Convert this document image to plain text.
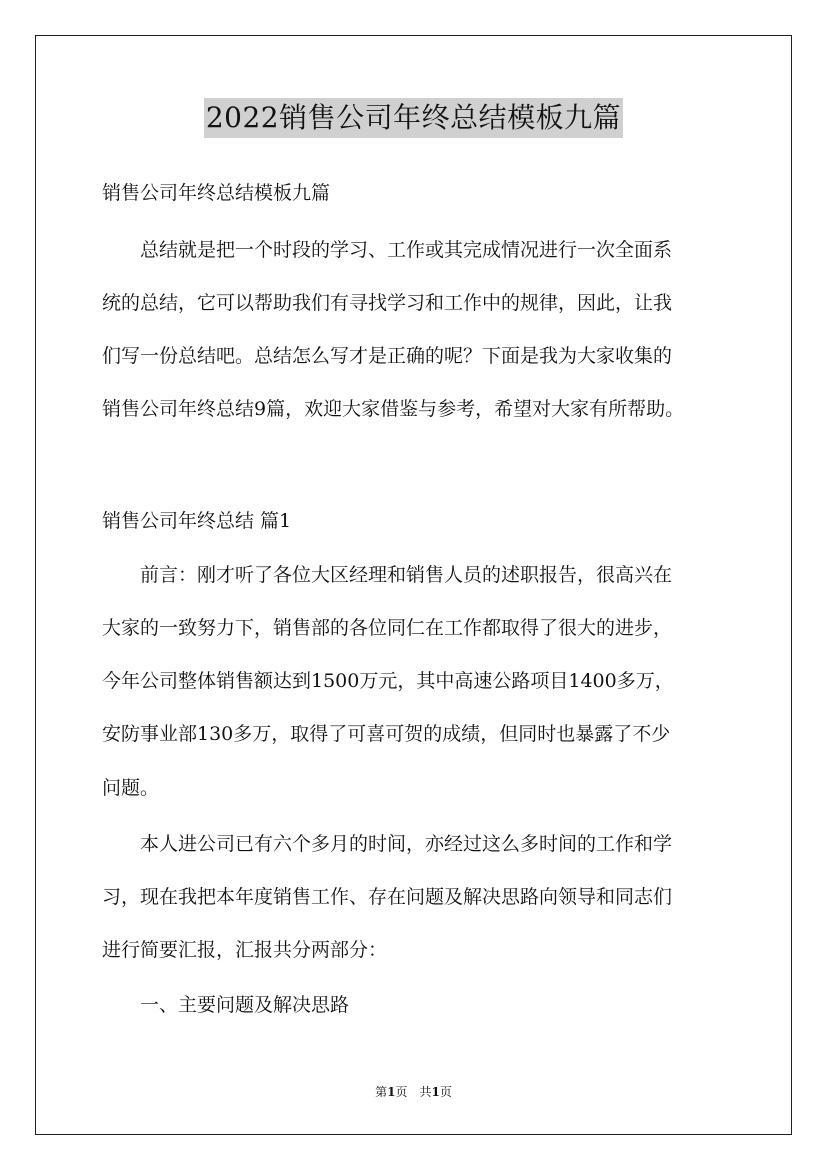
2022销售公司年终总结模板九篇
销售公司年终总结模板九篇
　　总结就是把一个时段的学习、工作或其完成情况进行一次全面系
统的总结，它可以帮助我们有寻找学习和工作中的规律，因此，让我
们写一份总结吧。总结怎么写才是正确的呢？下面是我为大家收集的
销售公司年终总结9篇，欢迎大家借鉴与参考，希望对大家有所帮助。
销售公司年终总结 篇1
　　前言：刚才听了各位大区经理和销售人员的述职报告，很高兴在
大家的一致努力下，销售部的各位同仁在工作都取得了很大的进步，
今年公司整体销售额达到1500万元，其中高速公路项目1400多万，
安防事业部130多万，取得了可喜可贺的成绩，但同时也暴露了不少
问题。
　　本人进公司已有六个多月的时间，亦经过这么多时间的工作和学
习，现在我把本年度销售工作、存在问题及解决思路向领导和同志们
进行简要汇报，汇报共分两部分：
　　一、主要问题及解决思路
第1页　共1页
